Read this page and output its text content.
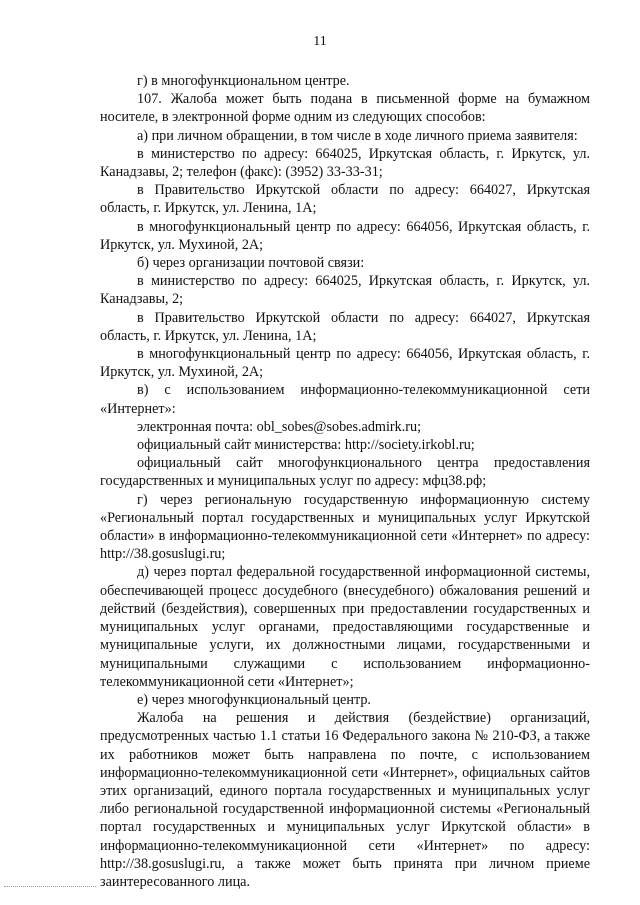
11

г) в многофункциональном центре.

107. Жалоба может быть подана в письменной форме на бумажном носителе, в электронной форме одним из следующих способов:

а) при личном обращении, в том числе в ходе личного приема заявителя:

в министерство по адресу: 664025, Иркутская область, г. Иркутск, ул. Канадзавы, 2; телефон (факс): (3952) 33-33-31;

в Правительство Иркутской области по адресу: 664027, Иркутская область, г. Иркутск, ул. Ленина, 1А;

в многофункциональный центр по адресу: 664056, Иркутская область, г. Иркутск, ул. Мухиной, 2А;

б) через организации почтовой связи:

в министерство по адресу: 664025, Иркутская область, г. Иркутск, ул. Канадзавы, 2;

в Правительство Иркутской области по адресу: 664027, Иркутская область, г. Иркутск, ул. Ленина, 1А;

в многофункциональный центр по адресу: 664056, Иркутская область, г. Иркутск, ул. Мухиной, 2А;

в) с использованием информационно-телекоммуникационной сети «Интернет»:

электронная почта: obl_sobes@sobes.admirk.ru;

официальный сайт министерства: http://society.irkobl.ru;

официальный сайт многофункционального центра предоставления государственных и муниципальных услуг по адресу: мфц38.рф;

г) через региональную государственную информационную систему «Региональный портал государственных и муниципальных услуг Иркутской области» в информационно-телекоммуникационной сети «Интернет» по адресу: http://38.gosuslugi.ru;

д) через портал федеральной государственной информационной системы, обеспечивающей процесс досудебного (внесудебного) обжалования решений и действий (бездействия), совершенных при предоставлении государственных и муниципальных услуг органами, предоставляющими государственные и муниципальные услуги, их должностными лицами, государственными и муниципальными служащими с использованием информационно-телекоммуникационной сети «Интернет»;

е) через многофункциональный центр.

Жалоба на решения и действия (бездействие) организаций, предусмотренных частью 1.1 статьи 16 Федерального закона № 210-ФЗ, а также их работников может быть направлена по почте, с использованием информационно-телекоммуникационной сети «Интернет», официальных сайтов этих организаций, единого портала государственных и муниципальных услуг либо региональной государственной информационной системы «Региональный портал государственных и муниципальных услуг Иркутской области» в информационно-телекоммуникационной сети «Интернет» по адресу: http://38.gosuslugi.ru, а также может быть принята при личном приеме заинтересованного лица.
